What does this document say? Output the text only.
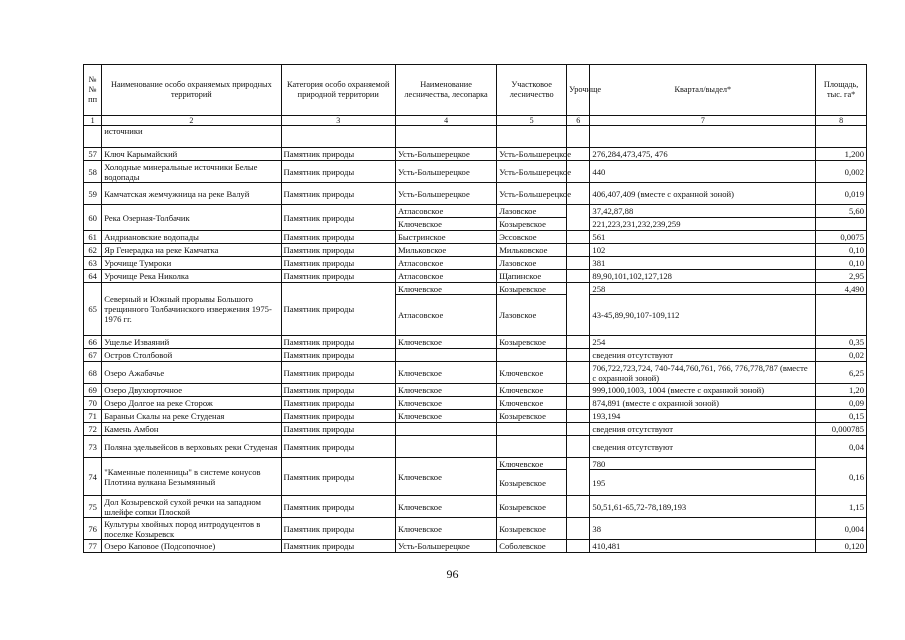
№
№
пп	Наименование особо охраняемых природных территорий	Категория особо охраняемой природной территории	Наименование лесничества, лесопарка	Участковое лесничество	Урочище	Квартал/выдел*	Площадь, тыс. га*
1	2	3	4	5	6	7	8
	источники						
57	Ключ Карымайский	Памятник природы	Усть-Большерецкое	Усть-Большерецкое		276,284,473,475, 476	1,200
58	Холодные минеральные источники Белые водопады	Памятник природы	Усть-Большерецкое	Усть-Большерецкое		440	0,002
59	Камчатская жемчужница на реке Валуй	Памятник природы	Усть-Большерецкое	Усть-Большерецкое		406,407,409 (вместе с охранной зоной)	0,019
60	Река Озерная-Толбачик	Памятник природы	Атласовское	Лазовское		37,42,87,88	5,60
			Ключевское	Козыревское		221,223,231,232,239,259	
61	Андриановские водопады	Памятник природы	Быстринское	Эссовское		561	0,0075
62	Яр Генерадка на реке Камчатка	Памятник природы	Мильковское	Мильковское		102	0,10
63	Урочище Тумроки	Памятник природы	Атласовское	Лазовское		381	0,10
64	Урочище Река Николка	Памятник природы	Атласовское	Щапинское		89,90,101,102,127,128	2,95
65	Северный и Южный прорывы Большого трещинного Толбачинского извержения 1975-1976 гг.	Памятник природы	Ключевское	Козыревское		258	4,490
			Атласовское	Лазовское		43-45,89,90,107-109,112	
66	Ущелье Изваяний	Памятник природы	Ключевское	Козыревское		254	0,35
67	Остров Столбовой	Памятник природы				сведения отсутствуют	0,02
68	Озеро Ажабачье	Памятник природы	Ключевское	Ключевское		706,722,723,724, 740-744,760,761, 766, 776,778,787 (вместе с охранной зоной)	6,25
69	Озеро Двухюрточное	Памятник природы	Ключевское	Ключевское		999,1000,1003, 1004 (вместе с охранной зоной)	1,20
70	Озеро Долгое на реке Сторож	Памятник природы	Ключевское	Ключевское		874,891 (вместе с охранной зоной)	0,09
71	Бараньи Скалы на реке Студеная	Памятник природы	Ключевское	Козыревское		193,194	0,15
72	Камень Амбон	Памятник природы				сведения отсутствуют	0,000785
73	Поляна эдельвейсов в верховьях реки Студеная	Памятник природы				сведения отсутствуют	0,04
74	"Каменные поленницы" в системе конусов Плотина вулкана Безымянный	Памятник природы	Ключевское	Ключевское		780	0,16
				Козыревское		195	
75	Дол Козыревской сухой речки на западном шлейфе сопки Плоской	Памятник природы	Ключевское	Козыревское		50,51,61-65,72-78,189,193	1,15
76	Культуры хвойных пород интродуцентов в поселке Козыревск	Памятник природы	Ключевское	Козыревское		38	0,004
77	Озеро Каповое (Подсопочное)	Памятник природы	Усть-Большерецкое	Соболевское		410,481	0,120
96
